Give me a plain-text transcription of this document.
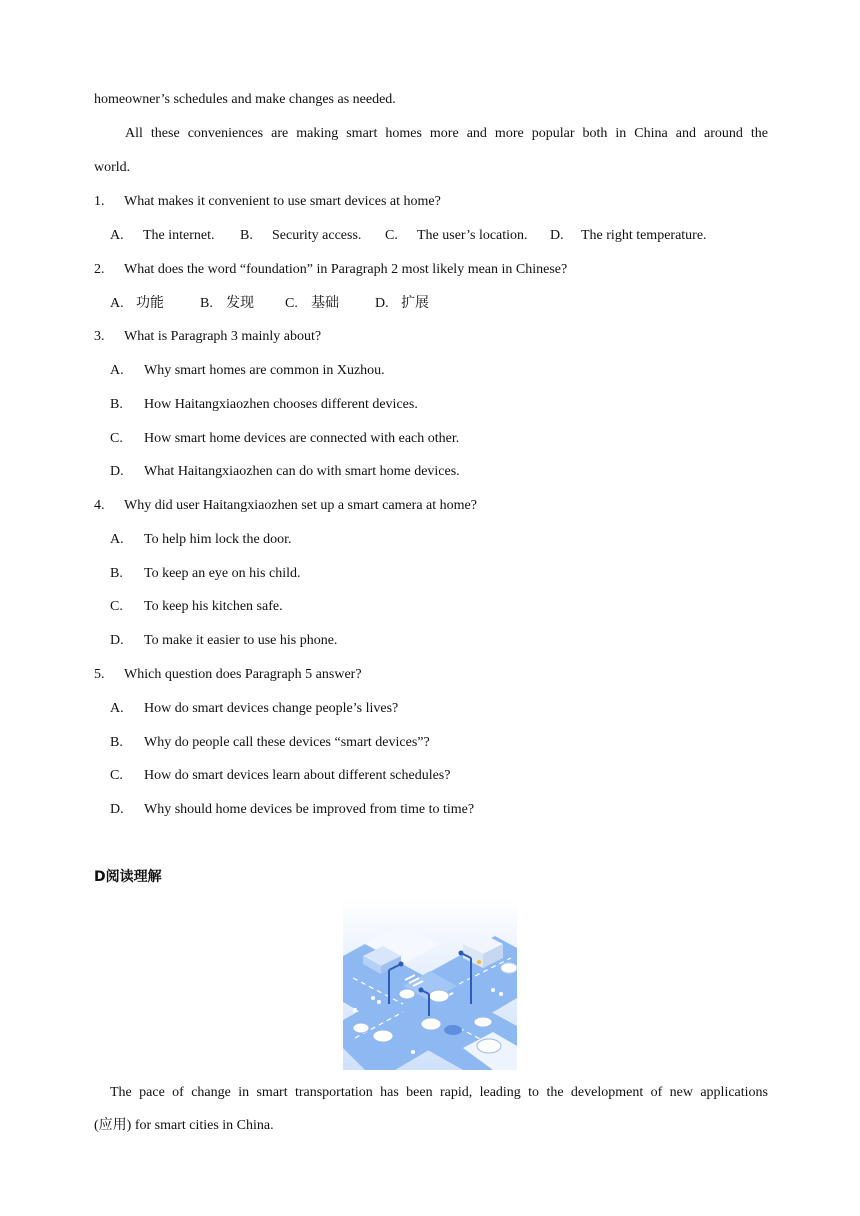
homeowner’s schedules and make changes as needed.
All these conveniences are making smart homes more and more popular both in China and around the
world.
1. What makes it convenient to use smart devices at home?
A. The internet. B. Security access. C. The user’s location. D. The right temperature.
2. What does the word “foundation” in Paragraph 2 most likely mean in Chinese?
A. 功能	B. 发现 C. 基础	D. 扩展
3. What is Paragraph 3 mainly about?
A. Why smart homes are common in Xuzhou.
B. How Haitangxiaozhen chooses different devices.
C. How smart home devices are connected with each other.
D. What Haitangxiaozhen can do with smart home devices.
4. Why did user Haitangxiaozhen set up a smart camera at home?
A. To help him lock the door.
B. To keep an eye on his child.
C. To keep his kitchen safe.
D. To make it easier to use his phone.
5. Which question does Paragraph 5 answer?
A. How do smart devices change people’s lives?
B. Why do people call these devices “smart devices”?
C. How do smart devices learn about different schedules?
D. Why should home devices be improved from time to time?
D阅读理解
The pace of change in smart transportation has been rapid, leading to the development of new applications
(应用) for smart cities in China.
